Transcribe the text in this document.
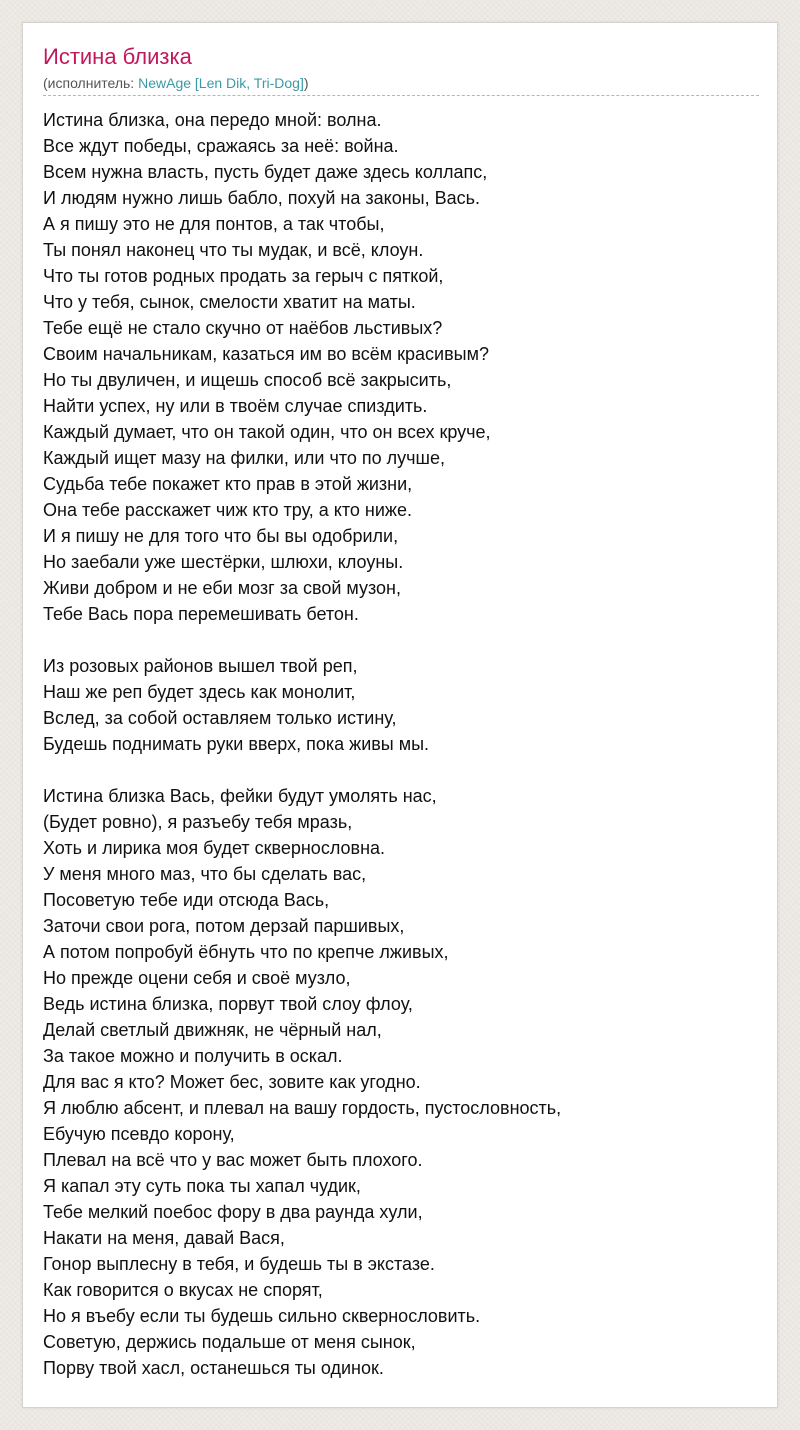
Истина близка
(исполнитель: NewAge [Len Dik, Tri-Dog])
Истина близка, она передо мной: волна.
Все ждут победы, сражаясь за неё: война.
Всем нужна власть, пусть будет даже здесь коллапс,
И людям нужно лишь бабло, похуй на законы, Вась.
А я пишу это не для понтов, а так чтобы,
Ты понял наконец что ты мудак, и всё, клоун.
Что ты готов родных продать за герыч с пяткой,
Что у тебя, сынок, смелости хватит на маты.
Тебе ещё не стало скучно от наёбов льстивых?
Своим начальникам, казаться им во всём красивым?
Но ты двуличен, и ищешь способ всё закрысить,
Найти успех, ну или в твоём случае спиздить.
Каждый думает, что он такой один, что он всех круче,
Каждый ищет мазу на филки, или что по лучше,
Судьба тебе покажет кто прав в этой жизни,
Она тебе расскажет чиж кто тру, а кто ниже.
И я пишу не для того что бы вы одобрили,
Но заебали уже шестёрки, шлюхи, клоуны.
Живи добром и не еби мозг за свой музон,
Тебе Вась пора перемешивать бетон.
Из розовых районов вышел твой реп,
Наш же реп будет здесь как монолит,
Вслед, за собой оставляем только истину,
Будешь поднимать руки вверх, пока живы мы.
Истина близка Вась, фейки будут умолять нас,
(Будет ровно), я разъебу тебя мразь,
Хоть и лирика моя будет сквернословна.
У меня много маз, что бы сделать вас,
Посоветую тебе иди отсюда Вась,
Заточи свои рога, потом дерзай паршивых,
А потом попробуй ёбнуть что по крепче лживых,
Но прежде оцени себя и своё музло,
Ведь истина близка, порвут твой слоу флоу,
Делай светлый движняк, не чёрный нал,
За такое можно и получить в оскал.
Для вас я кто? Может бес, зовите как угодно.
Я люблю абсент, и плевал на вашу гордость, пустословность,
Ебучую псевдо корону,
Плевал на всё что у вас может быть плохого.
Я капал эту суть пока ты хапал чудик,
Тебе мелкий поебос фору в два раунда хули,
Накати на меня, давай Вася,
Гонор выплесну в тебя, и будешь ты в экстазе.
Как говорится о вкусах не спорят,
Но я въебу если ты будешь сильно сквернословить.
Советую, держись подальше от меня сынок,
Порву твой хасл, останешься ты одинок.
